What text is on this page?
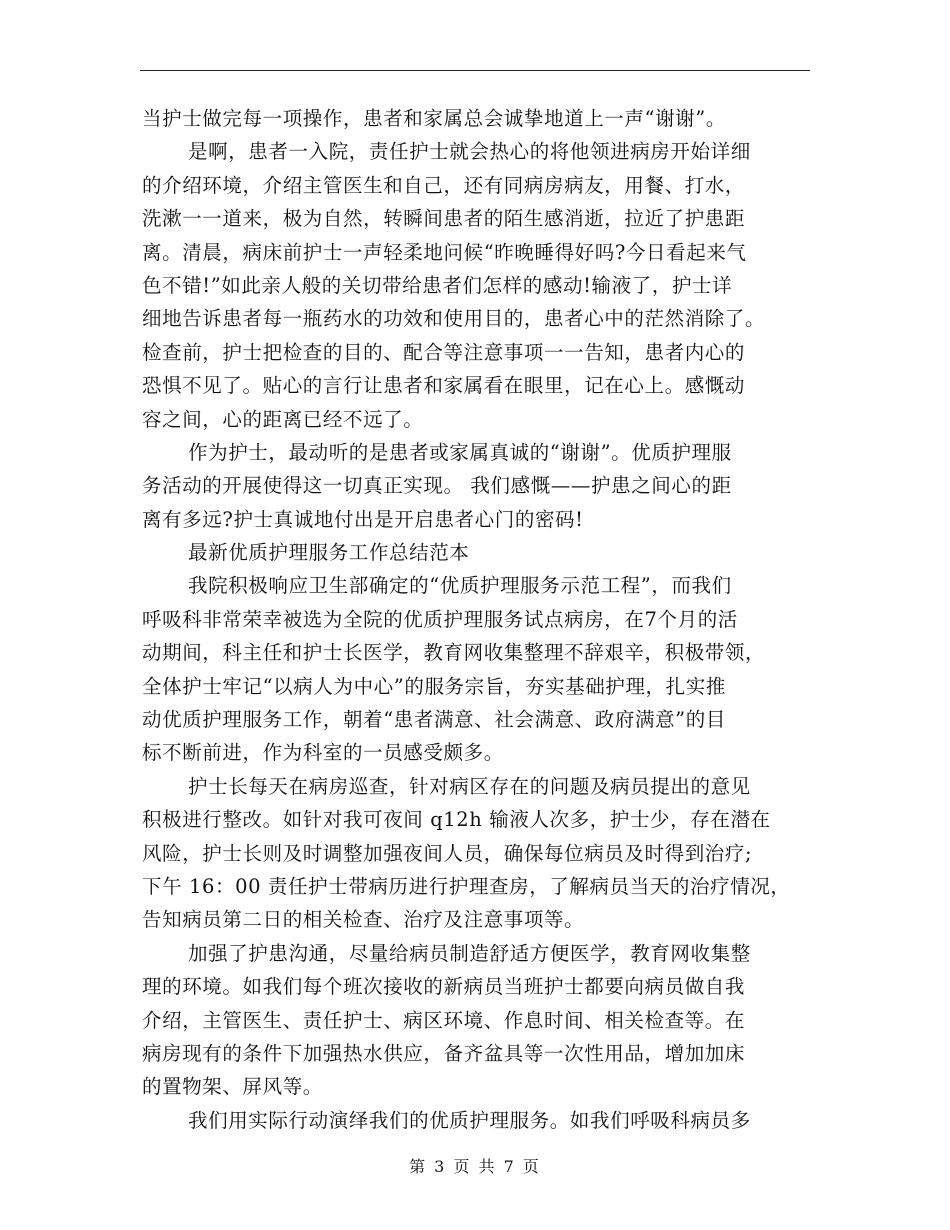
当护士做完每一项操作，患者和家属总会诚挚地道上一声“谢谢”。
是啊，患者一入院，责任护士就会热心的将他领进病房开始详细
的介绍环境，介绍主管医生和自己，还有同病房病友，用餐、打水，
洗漱一一道来，极为自然，转瞬间患者的陌生感消逝，拉近了护患距
离。清晨，病床前护士一声轻柔地问候“昨晚睡得好吗?今日看起来气
色不错!”如此亲人般的关切带给患者们怎样的感动!输液了，护士详
细地告诉患者每一瓶药水的功效和使用目的，患者心中的茫然消除了。
检查前，护士把检查的目的、配合等注意事项一一告知，患者内心的
恐惧不见了。贴心的言行让患者和家属看在眼里，记在心上。感慨动
容之间，心的距离已经不远了。
作为护士，最动听的是患者或家属真诚的“谢谢”。优质护理服
务活动的开展使得这一切真正实现。 我们感慨——护患之间心的距
离有多远?护士真诚地付出是开启患者心门的密码!
最新优质护理服务工作总结范本
我院积极响应卫生部确定的“优质护理服务示范工程”，而我们
呼吸科非常荣幸被选为全院的优质护理服务试点病房，在7个月的活
动期间，科主任和护士长医学，教育网收集整理不辞艰辛，积极带领，
全体护士牢记“以病人为中心”的服务宗旨，夯实基础护理，扎实推
动优质护理服务工作，朝着“患者满意、社会满意、政府满意”的目
标不断前进，作为科室的一员感受颇多。
护士长每天在病房巡查，针对病区存在的问题及病员提出的意见
积极进行整改。如针对我可夜间 q12h 输液人次多，护士少，存在潜在
风险，护士长则及时调整加强夜间人员，确保每位病员及时得到治疗;
下午 16：00 责任护士带病历进行护理查房，了解病员当天的治疗情况，
告知病员第二日的相关检查、治疗及注意事项等。
加强了护患沟通，尽量给病员制造舒适方便医学，教育网收集整
理的环境。如我们每个班次接收的新病员当班护士都要向病员做自我
介绍，主管医生、责任护士、病区环境、作息时间、相关检查等。在
病房现有的条件下加强热水供应，备齐盆具等一次性用品，增加加床
的置物架、屏风等。
我们用实际行动演绎我们的优质护理服务。如我们呼吸科病员多
第 3 页 共 7 页
